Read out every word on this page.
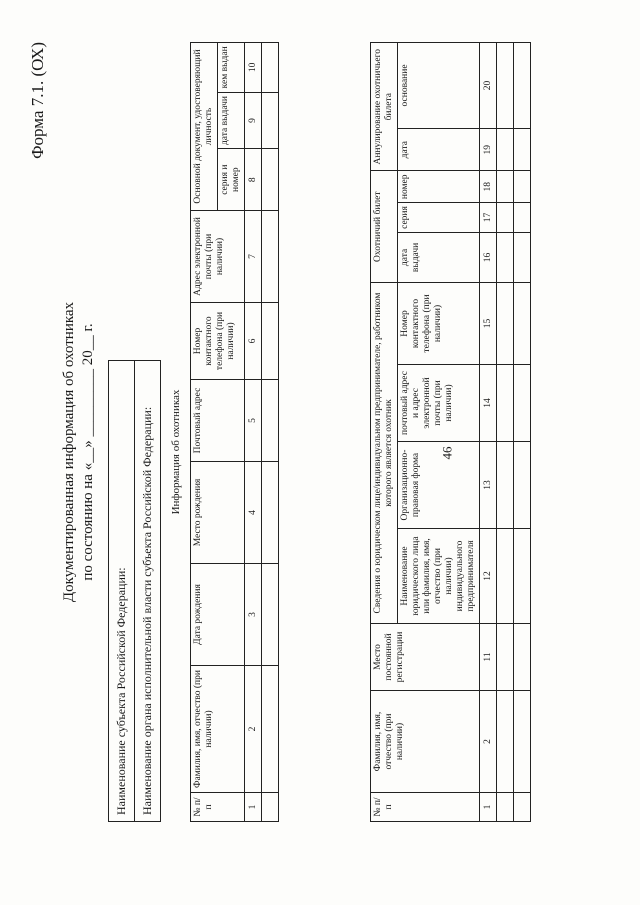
46
Форма 7.1. (ОХ)
Документированная информация об охотниках по состоянию на «__» _________ 20__ г.
Наименование субъекта Российской Федерации:	Наименование органа исполнительной власти субъекта Российской Федерации:	Информация об охотниках
№ п/п	Фамилия, имя, отчество (при наличии)	Дата рождения	Место рождения	Почтовый адрес	Номер контактного телефона (при наличии)	Адрес электронной почты (при наличии)	Основной документ, удостоверяющий личность		
							серия и номер	дата выдачи	кем выдан
1	2	3	4	5	6	7	8	9	10

№ п/п	Фамилия, имя, отчество (при наличии)	Место постоянной регистрации	Сведения о юридическом лице/индивидуальном предпринимателе, работником которого является охотник				Охотничий билет			Аннулирование охотничьего билета	
			Наименование юридического лица или фамилия, имя, отчество (при наличии) индивидуального предпринимателя	Организационно-правовая форма	почтовый адрес и адрес электронной почты (при наличии)	Номер контактного телефона (при наличии)	дата выдачи	серия	номер	дата	основание
1	2	11	12	13	14	15	16	17	18	19	20
